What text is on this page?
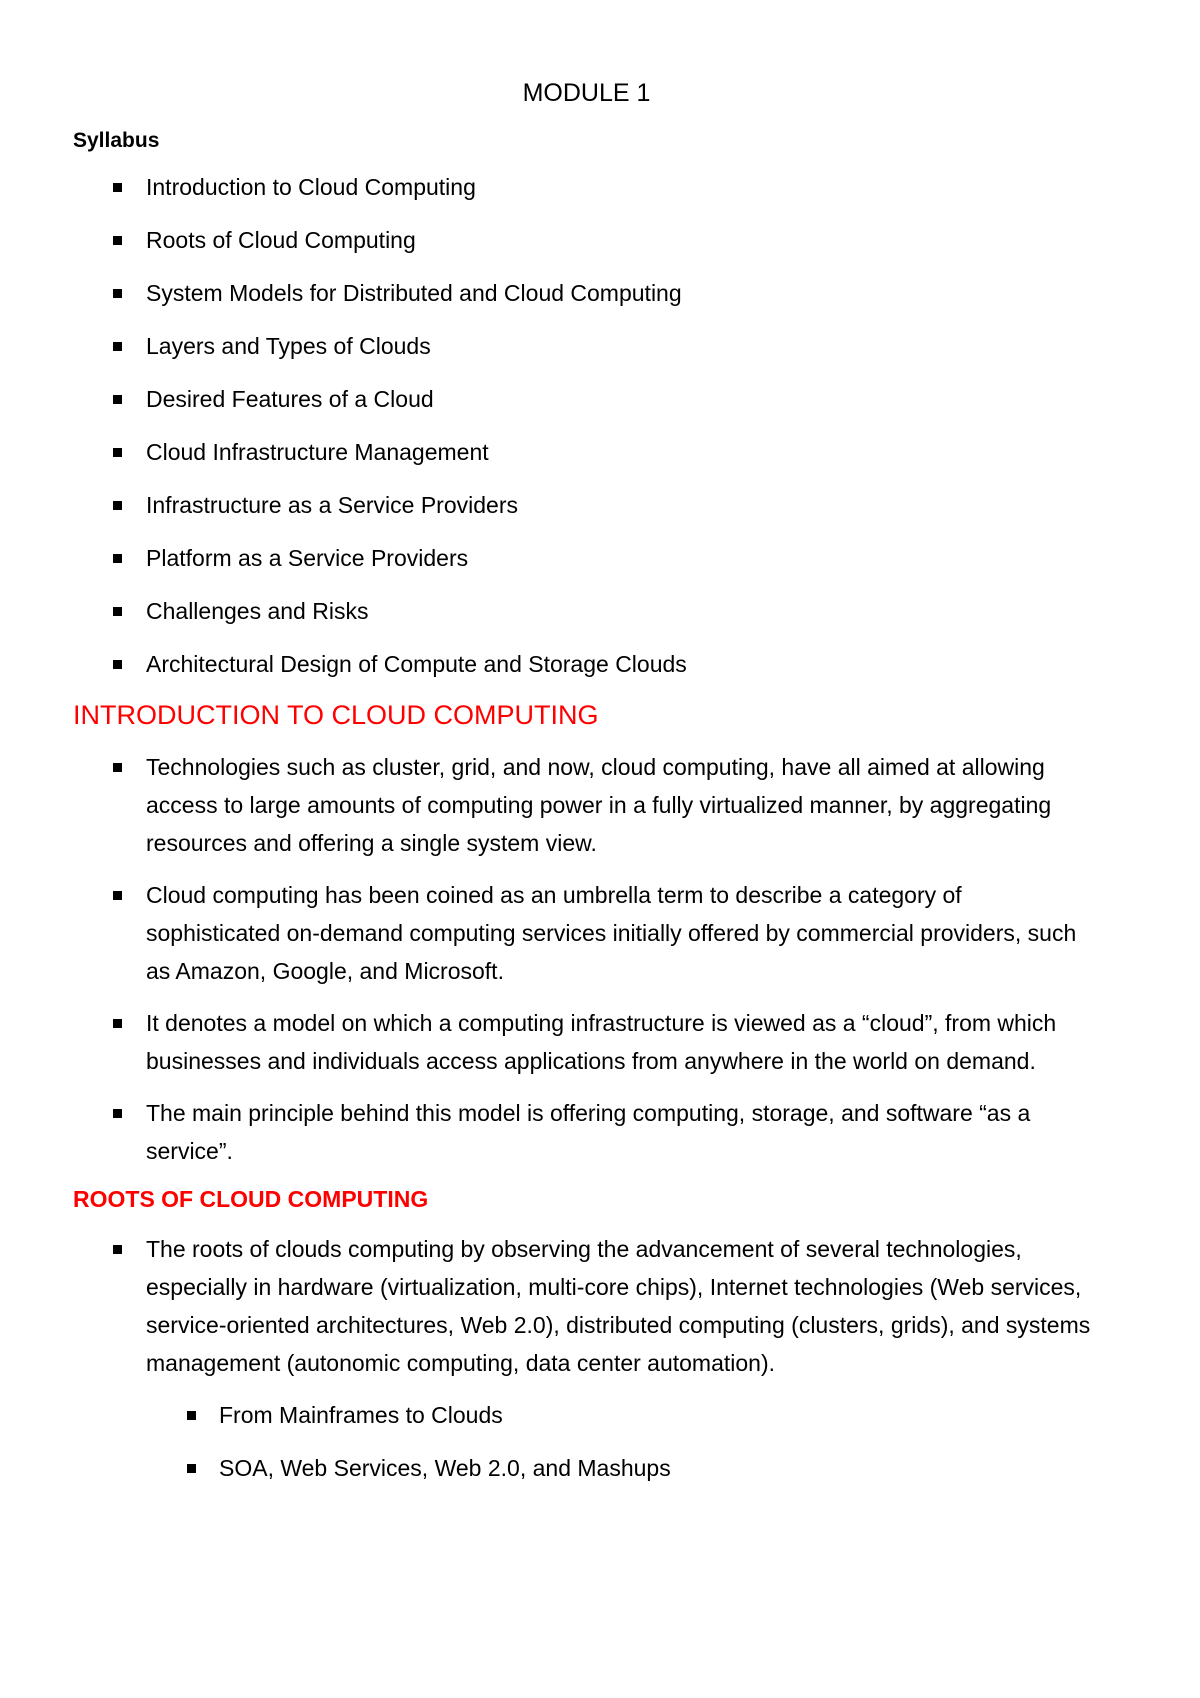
MODULE 1
Syllabus
Introduction to Cloud Computing
Roots of Cloud Computing
System Models for Distributed and Cloud Computing
Layers and Types of Clouds
Desired Features of a Cloud
Cloud Infrastructure Management
Infrastructure as a Service Providers
Platform as a Service Providers
Challenges and Risks
Architectural Design of Compute and Storage Clouds
INTRODUCTION TO CLOUD COMPUTING
Technologies such as cluster, grid, and now, cloud computing, have all aimed at allowing access to large amounts of computing power in a fully virtualized manner, by aggregating resources and offering a single system view.
Cloud computing has been coined as an umbrella term to describe a category of sophisticated on-demand computing services initially offered by commercial providers, such as Amazon, Google, and Microsoft.
It denotes a model on which a computing infrastructure is viewed as a “cloud”, from which businesses and individuals access applications from anywhere in the world on demand.
The main principle behind this model is offering computing, storage, and software “as a service”.
ROOTS OF CLOUD COMPUTING
The roots of clouds computing by observing the advancement of several technologies, especially in hardware (virtualization, multi-core chips), Internet technologies (Web services, service-oriented architectures, Web 2.0), distributed computing (clusters, grids), and systems management (autonomic computing, data center automation).
From Mainframes to Clouds
SOA, Web Services, Web 2.0, and Mashups
